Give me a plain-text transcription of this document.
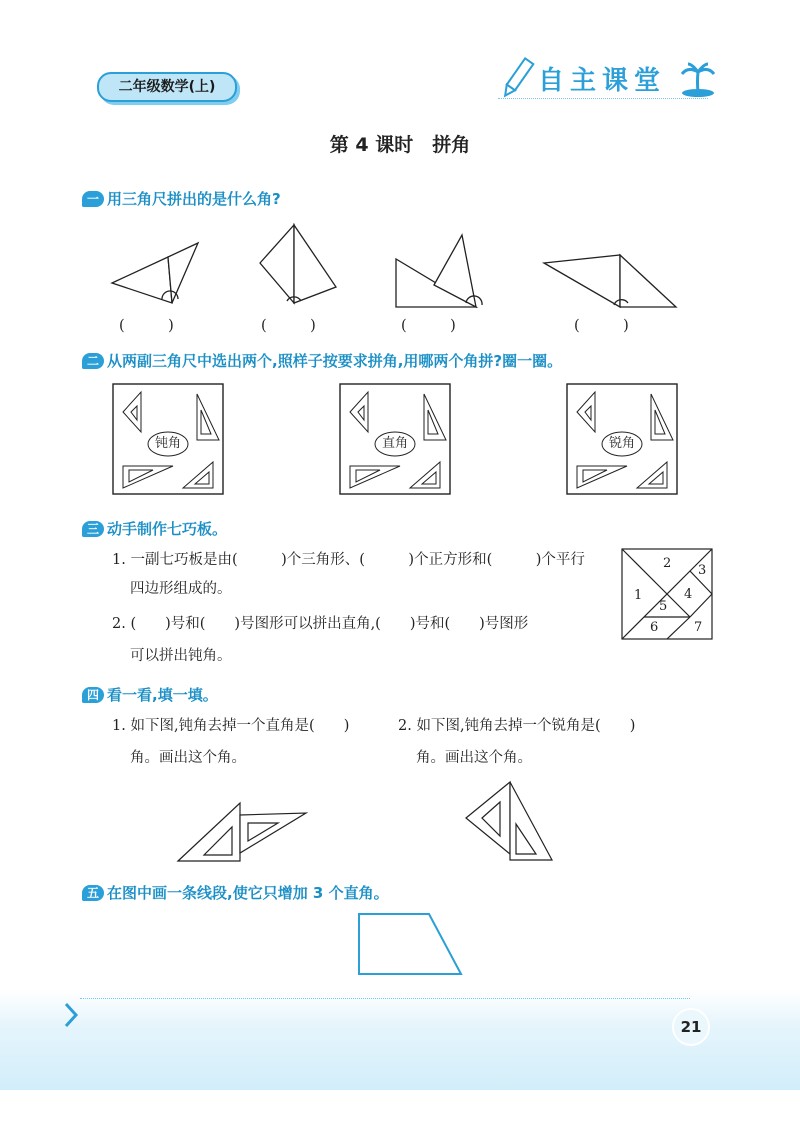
二年级数学(上)	自主课堂
第 4 课时　拼角
一 用三角尺拼出的是什么角?
(　　　)	(　　　)	(　　　)	(　　　)
二 从两副三角尺中选出两个,照样子按要求拼角,用哪两个角拼?圈一圈。
钝角	直角	锐角
三 动手制作七巧板。
1. 一副七巧板是由(　　　)个三角形、(　　　)个正方形和(　　　)个平行
四边形组成的。
2. (　　)号和(　　)号图形可以拼出直角,(　　)号和(　　)号图形
可以拼出钝角。
2 3
1	4
5
6	7
四 看一看,填一填。
1. 如下图,钝角去掉一个直角是(　　)
角。画出这个角。
2. 如下图,钝角去掉一个锐角是(　　)
角。画出这个角。
五 在图中画一条线段,使它只增加 3 个直角。
21
